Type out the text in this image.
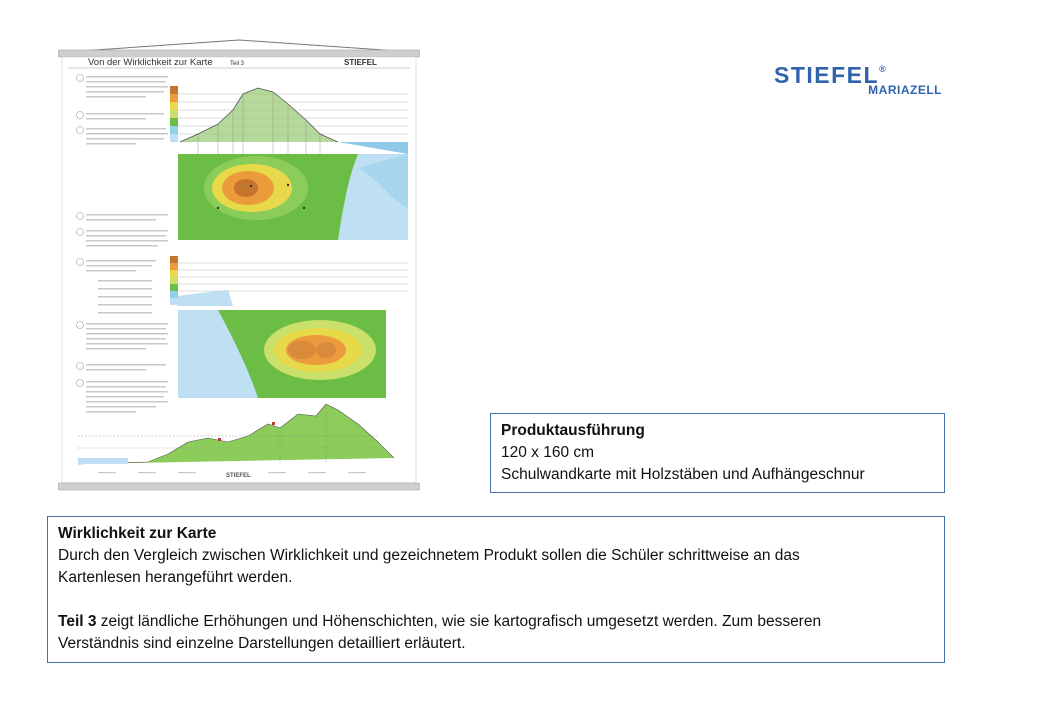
Von der Wirklichkeit zur Karte	Teil 3	STIEFEL
STIEFEL
STIEFEL®
MARIAZELL
Produktausführung
120 x 160 cm
Schulwandkarte mit Holzstäben und Aufhängeschnur
Wirklichkeit zur Karte
Durch den Vergleich zwischen Wirklichkeit und gezeichnetem Produkt sollen die Schüler schrittweise an das
Kartenlesen herangeführt werden.
Teil 3 zeigt ländliche Erhöhungen und Höhenschichten, wie sie kartografisch umgesetzt werden. Zum besseren
Verständnis sind einzelne Darstellungen detailliert erläutert.
